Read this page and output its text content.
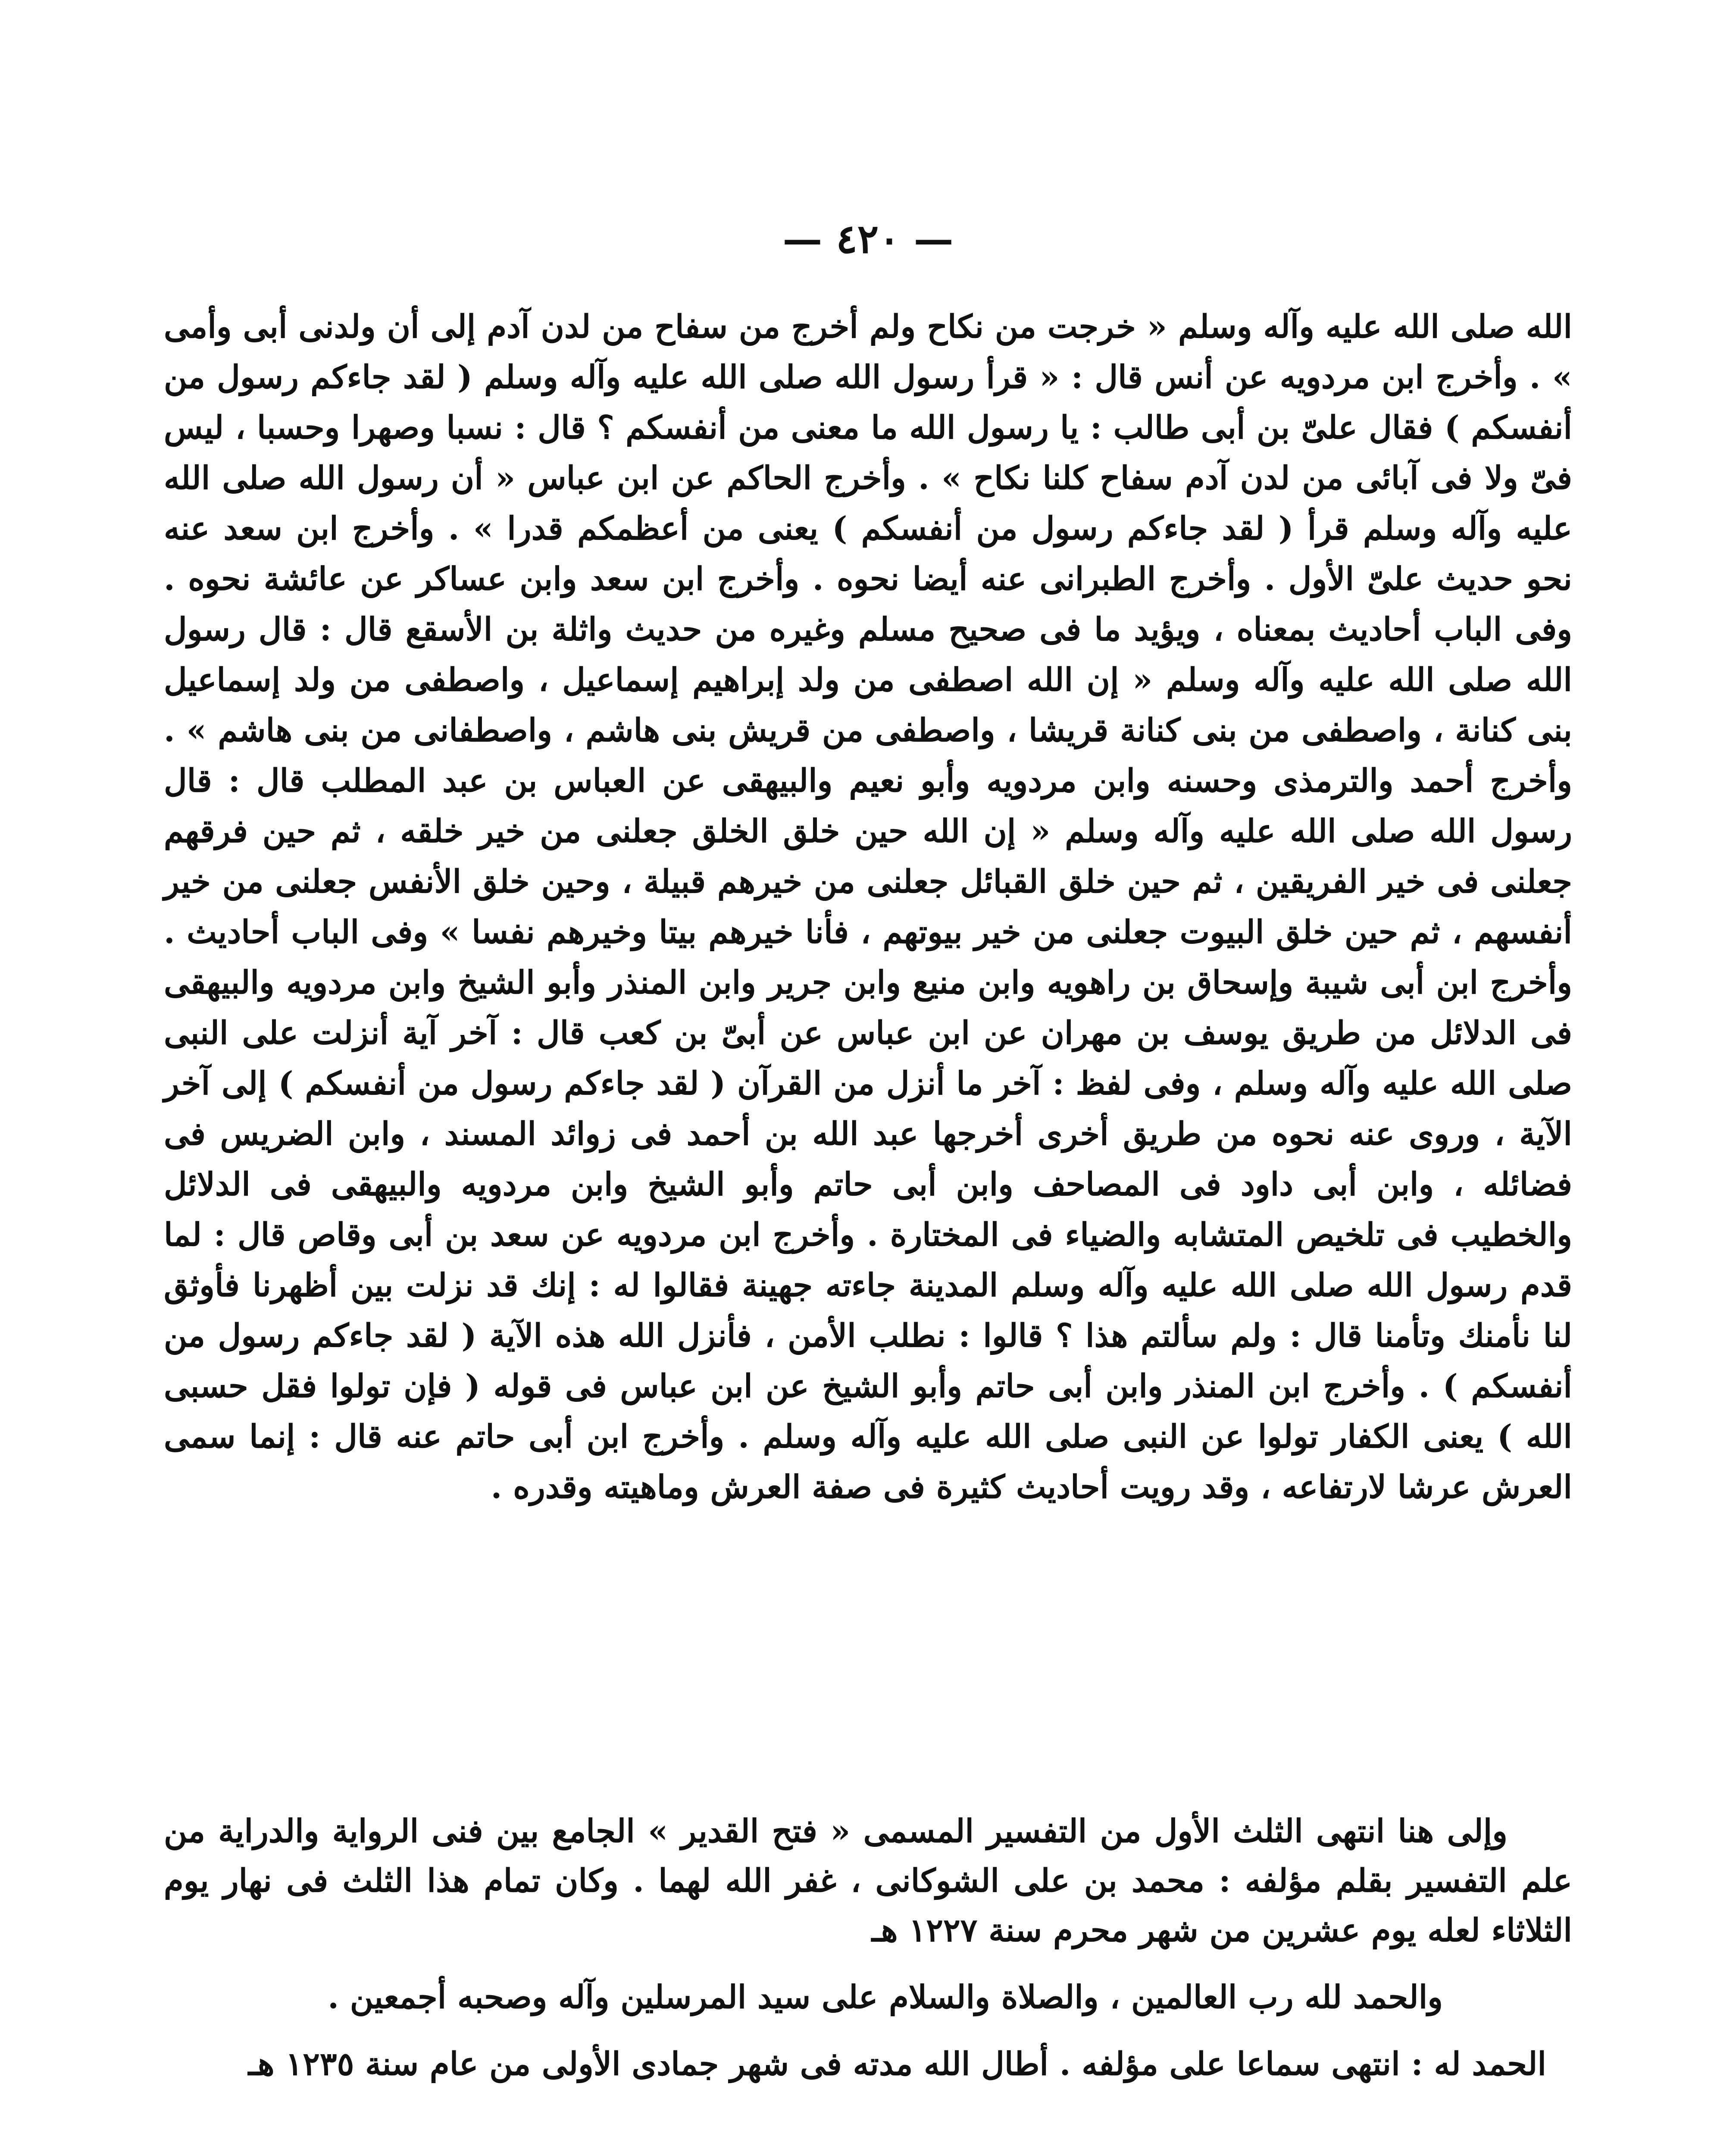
— ٤٢٠ —

الله صلى الله عليه وآله وسلم « خرجت من نكاح ولم أخرج من سفاح من لدن آدم إلى أن ولدنى أبى وأمى » . وأخرج ابن مردويه عن أنس قال : « قرأ رسول الله صلى الله عليه وآله وسلم ( لقد جاءكم رسول من أنفسكم ) فقال علىّ بن أبى طالب : يا رسول الله ما معنى من أنفسكم ؟ قال : نسبا وصهرا وحسبا ، ليس فىّ ولا فى آبائى من لدن آدم سفاح كلنا نكاح » . وأخرج الحاكم عن ابن عباس « أن رسول الله صلى الله عليه وآله وسلم قرأ ( لقد جاءكم رسول من أنفسكم ) يعنى من أعظمكم قدرا » . وأخرج ابن سعد عنه نحو حديث علىّ الأول . وأخرج الطبرانى عنه أيضا نحوه . وأخرج ابن سعد وابن عساكر عن عائشة نحوه . وفى الباب أحاديث بمعناه ، ويؤيد ما فى صحيح مسلم وغيره من حديث واثلة بن الأسقع قال : قال رسول الله صلى الله عليه وآله وسلم « إن الله اصطفى من ولد إبراهيم إسماعيل ، واصطفى من ولد إسماعيل بنى كنانة ، واصطفى من بنى كنانة قريشا ، واصطفى من قريش بنى هاشم ، واصطفانى من بنى هاشم » . وأخرج أحمد والترمذى وحسنه وابن مردويه وأبو نعيم والبيهقى عن العباس بن عبد المطلب قال : قال رسول الله صلى الله عليه وآله وسلم « إن الله حين خلق الخلق جعلنى من خير خلقه ، ثم حين فرقهم جعلنى فى خير الفريقين ، ثم حين خلق القبائل جعلنى من خيرهم قبيلة ، وحين خلق الأنفس جعلنى من خير أنفسهم ، ثم حين خلق البيوت جعلنى من خير بيوتهم ، فأنا خيرهم بيتا وخيرهم نفسا » وفى الباب أحاديث . وأخرج ابن أبى شيبة وإسحاق بن راهويه وابن منيع وابن جرير وابن المنذر وأبو الشيخ وابن مردويه والبيهقى فى الدلائل من طريق يوسف بن مهران عن ابن عباس عن أبىّ بن كعب قال : آخر آية أنزلت على النبى صلى الله عليه وآله وسلم ، وفى لفظ : آخر ما أنزل من القرآن ( لقد جاءكم رسول من أنفسكم ) إلى آخر الآية ، وروى عنه نحوه من طريق أخرى أخرجها عبد الله بن أحمد فى زوائد المسند ، وابن الضريس فى فضائله ، وابن أبى داود فى المصاحف وابن أبى حاتم وأبو الشيخ وابن مردويه والبيهقى فى الدلائل والخطيب فى تلخيص المتشابه والضياء فى المختارة . وأخرج ابن مردويه عن سعد بن أبى وقاص قال : لما قدم رسول الله صلى الله عليه وآله وسلم المدينة جاءته جهينة فقالوا له : إنك قد نزلت بين أظهرنا فأوثق لنا نأمنك وتأمنا قال : ولم سألتم هذا ؟ قالوا : نطلب الأمن ، فأنزل الله هذه الآية ( لقد جاءكم رسول من أنفسكم ) . وأخرج ابن المنذر وابن أبى حاتم وأبو الشيخ عن ابن عباس فى قوله ( فإن تولوا فقل حسبى الله ) يعنى الكفار تولوا عن النبى صلى الله عليه وآله وسلم . وأخرج ابن أبى حاتم عنه قال : إنما سمى العرش عرشا لارتفاعه ، وقد رويت أحاديث كثيرة فى صفة العرش وماهيته وقدره .

وإلى هنا انتهى الثلث الأول من التفسير المسمى « فتح القدير » الجامع بين فنى الرواية والدراية من علم التفسير بقلم مؤلفه : محمد بن على الشوكانى ، غفر الله لهما . وكان تمام هذا الثلث فى نهار يوم الثلاثاء لعله يوم عشرين من شهر محرم سنة ١٢٢٧ هـ

والحمد لله رب العالمين ، والصلاة والسلام على سيد المرسلين وآله وصحبه أجمعين .

الحمد له : انتهى سماعا على مؤلفه . أطال الله مدته فى شهر جمادى الأولى من عام سنة ١٢٣٥ هـ
